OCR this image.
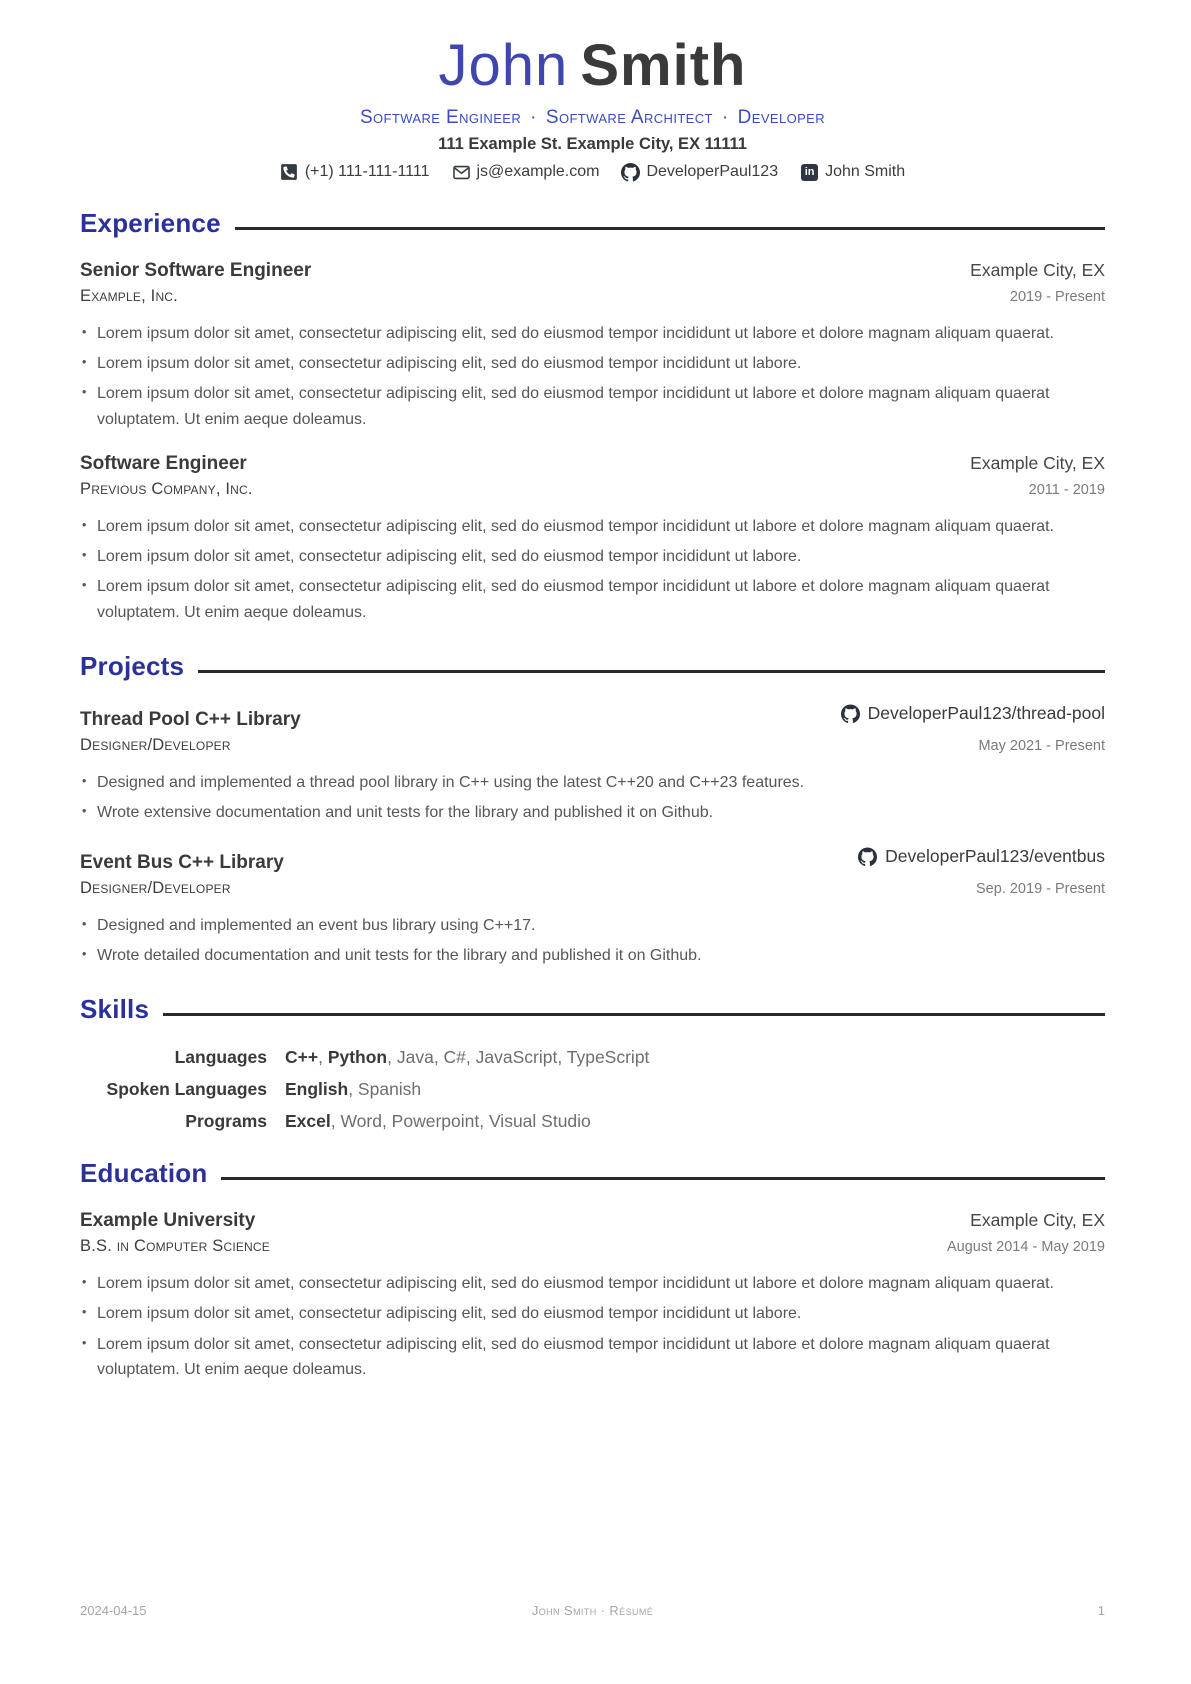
John Smith
Software Engineer · Software Architect · Developer
111 Example St. Example City, EX 11111
(+1) 111-111-1111	js@example.com	DeveloperPaul123	in John Smith
Experience
Senior Software Engineer	Example City, EX
Example, Inc.	2019 - Present
• Lorem ipsum dolor sit amet, consectetur adipiscing elit, sed do eiusmod tempor incididunt ut labore et dolore magnam aliquam quaerat.
• Lorem ipsum dolor sit amet, consectetur adipiscing elit, sed do eiusmod tempor incididunt ut labore.
• Lorem ipsum dolor sit amet, consectetur adipiscing elit, sed do eiusmod tempor incididunt ut labore et dolore magnam aliquam quaerat voluptatem. Ut enim aeque doleamus.
Software Engineer	Example City, EX
Previous Company, Inc.	2011 - 2019
• Lorem ipsum dolor sit amet, consectetur adipiscing elit, sed do eiusmod tempor incididunt ut labore et dolore magnam aliquam quaerat.
• Lorem ipsum dolor sit amet, consectetur adipiscing elit, sed do eiusmod tempor incididunt ut labore.
• Lorem ipsum dolor sit amet, consectetur adipiscing elit, sed do eiusmod tempor incididunt ut labore et dolore magnam aliquam quaerat voluptatem. Ut enim aeque doleamus.
Projects
Thread Pool C++ Library	DeveloperPaul123/thread-pool
Designer/Developer	May 2021 - Present
• Designed and implemented a thread pool library in C++ using the latest C++20 and C++23 features.
• Wrote extensive documentation and unit tests for the library and published it on Github.
Event Bus C++ Library	DeveloperPaul123/eventbus
Designer/Developer	Sep. 2019 - Present
• Designed and implemented an event bus library using C++17.
• Wrote detailed documentation and unit tests for the library and published it on Github.
Skills
Languages C++, Python, Java, C#, JavaScript, TypeScript
Spoken Languages English, Spanish
Programs Excel, Word, Powerpoint, Visual Studio
Education
Example University	Example City, EX
B.S. in Computer Science	August 2014 - May 2019
• Lorem ipsum dolor sit amet, consectetur adipiscing elit, sed do eiusmod tempor incididunt ut labore et dolore magnam aliquam quaerat.
• Lorem ipsum dolor sit amet, consectetur adipiscing elit, sed do eiusmod tempor incididunt ut labore.
• Lorem ipsum dolor sit amet, consectetur adipiscing elit, sed do eiusmod tempor incididunt ut labore et dolore magnam aliquam quaerat voluptatem. Ut enim aeque doleamus.
2024-04-15	John Smith · Résumé	1
